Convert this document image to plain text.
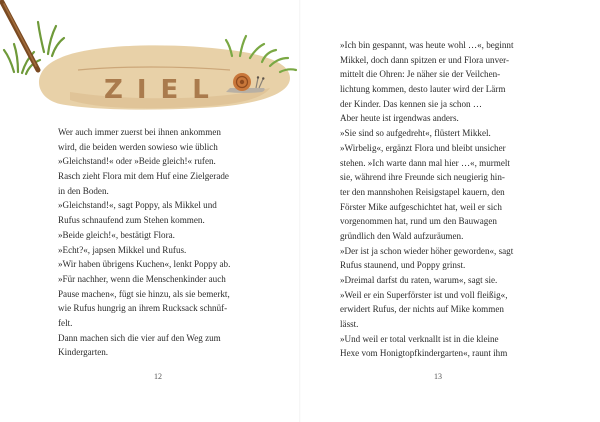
ZIEL
Wer auch immer zuerst bei ihnen ankommen
wird, die beiden werden sowieso wie üblich
»Gleichstand!« oder »Beide gleich!« rufen.
Rasch zieht Flora mit dem Huf eine Zielgerade
in den Boden.
»Gleichstand!«, sagt Poppy, als Mikkel und
Rufus schnaufend zum Stehen kommen.
»Beide gleich!«, bestätigt Flora.
»Echt?«, japsen Mikkel und Rufus.
»Wir haben übrigens Kuchen«, lenkt Poppy ab.
»Für nachher, wenn die Menschenkinder auch
Pause machen«, fügt sie hinzu, als sie bemerkt,
wie Rufus hungrig an ihrem Rucksack schnüf-
felt.
Dann machen sich die vier auf den Weg zum
Kindergarten.
12
»Ich bin gespannt, was heute wohl …«, beginnt
Mikkel, doch dann spitzen er und Flora unver-
mittelt die Ohren: Je näher sie der Veilchen-
lichtung kommen, desto lauter wird der Lärm
der Kinder. Das kennen sie ja schon …
Aber heute ist irgendwas anders.
»Sie sind so aufgedreht«, flüstert Mikkel.
»Wirbelig«, ergänzt Flora und bleibt unsicher
stehen. »Ich warte dann mal hier …«, murmelt
sie, während ihre Freunde sich neugierig hin-
ter den mannshohen Reisigstapel kauern, den
Förster Mike aufgeschichtet hat, weil er sich
vorgenommen hat, rund um den Bauwagen
gründlich den Wald aufzuräumen.
»Der ist ja schon wieder höher geworden«, sagt
Rufus staunend, und Poppy grinst.
»Dreimal darfst du raten, warum«, sagt sie.
»Weil er ein Superförster ist und voll fleißig«,
erwidert Rufus, der nichts auf Mike kommen
lässt.
»Und weil er total verknallt ist in die kleine
Hexe vom Honigtopfkindergarten«, raunt ihm
13
